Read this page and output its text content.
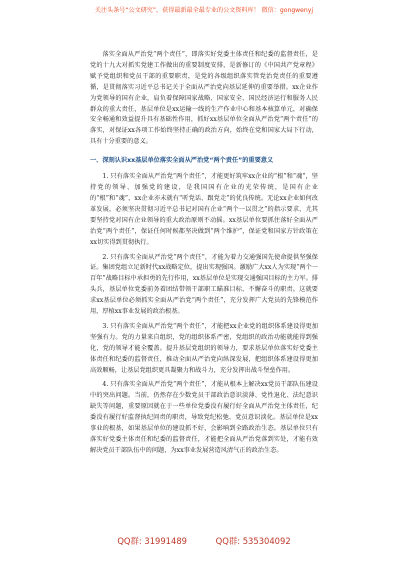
关注头条号“公文研究”，获得最新最全最专业的公文资料库！ 微信：gongwenyj

落实全面从严治党“两个责任”，即落实好党委主体责任和纪委的监督责任，是党的十九大对抓实党建工作做出的重要制度安排，是新修订的《中国共产党章程》赋予党组织和党员干部的重要职责，是党的各级组织落实管党治党责任的重要遵循，是贯彻落实习近平总书记关于全面从严治党向基层延伸的重要举措。xx企业作为党领导的国有企业，肩负着保障国家战略、国家安全、国民经济运行和服务人民群众的重大责任，基层单位是xx运输一线的生产作业中心和基本核算单元，对确保安全畅通和效益提升具有基础性作用，抓好xx基层单位全面从严治党“两个责任”的落实，对保证xx各项工作始终坚持正确的政治方向，始终在党和国家大局下行动，具有十分重要的意义。

一、深刻认识xx基层单位落实全面从严治党“两个责任”的重要意义

1. 只有落实全面从严治党“两个责任”，才能更好筑牢xx企业的“根”和“魂”，坚持党的领导、加强党的建设，是我国国有企业的光荣传统，是国有企业的“根”和“魂”，xx企业亦未就有“听党话、跟党走”的优良传统。无论xx企业如何改革发展，必须坚决贯彻习近平总书记对国有企业“两个一以贯之”的指示要求，尤其要坚持党对国有企业领导的重大政治原则不动摇。xx基层单位要抓住落好全面从严治党“两个责任”，保证任何时候都坚决做到“两个维护”，保证党和国家方针政策在xx切实得到贯彻执行。

2. 只有落实全面从严治党“两个责任”，才能为着力交通强国先使命提供坚强保证。集团党组立足新时代xx战略定位，提出实现强国。激励广大xx人为实现“两个一百年”战略目标中承担勇的先行作用，xx基层单位是实现交通强国目标的主力军。排头兵，基层单位党委前务着团结带领干部职工瞄准目标、不懈奋斗的职责。这就要求xx基层单位必须抓实全面从严治党“两个责任”，充分发挥广大党员的先锋模范作用，厚植xx事业发展的政治根基。

3. 只有落实全面从严治党“两个责任”，才能把xx企业党的组织体系建设得更加坚强有力。党的力量来自组织，党的组织体系严密，党组织的政治功能就能得到强化，党的领导才能全覆盖。提升基层党组织的领导力，要求基层单位落实好党委主体责任和纪委的监督责任，推动全面从严治党向纵深发展，把组织体系建设得更加高效顺畅，让基层党组织更具凝聚力和战斗力，充分发挥出战斗堡垒作用。

4. 只有落实全面从严治党“两个责任”，才能从根本上解决xx党员干部队伍建设中的突出问题。当前，仍然存在少数党员干部政治意识淡薄、党性退化、法纪意识缺失等问题，重要原因就在于一些单位党委没有履行好全面从严治党主体责任，纪委没有履行好监督执纪问责的职责，导致党纪松弛、党员意识淡化。基层单位是xx事业的根基，如果基层单位的建设抓不好，会影响到全路政治生态。基层单位只有落实好党委主体责任和纪委的监督责任，才能把全面从严治党落到实处，才能有效解决党员干部队伍中的问题，为xx事业发展营造风清气正的政治生态。

QQ群: 31991489	QQ群: 535304092
